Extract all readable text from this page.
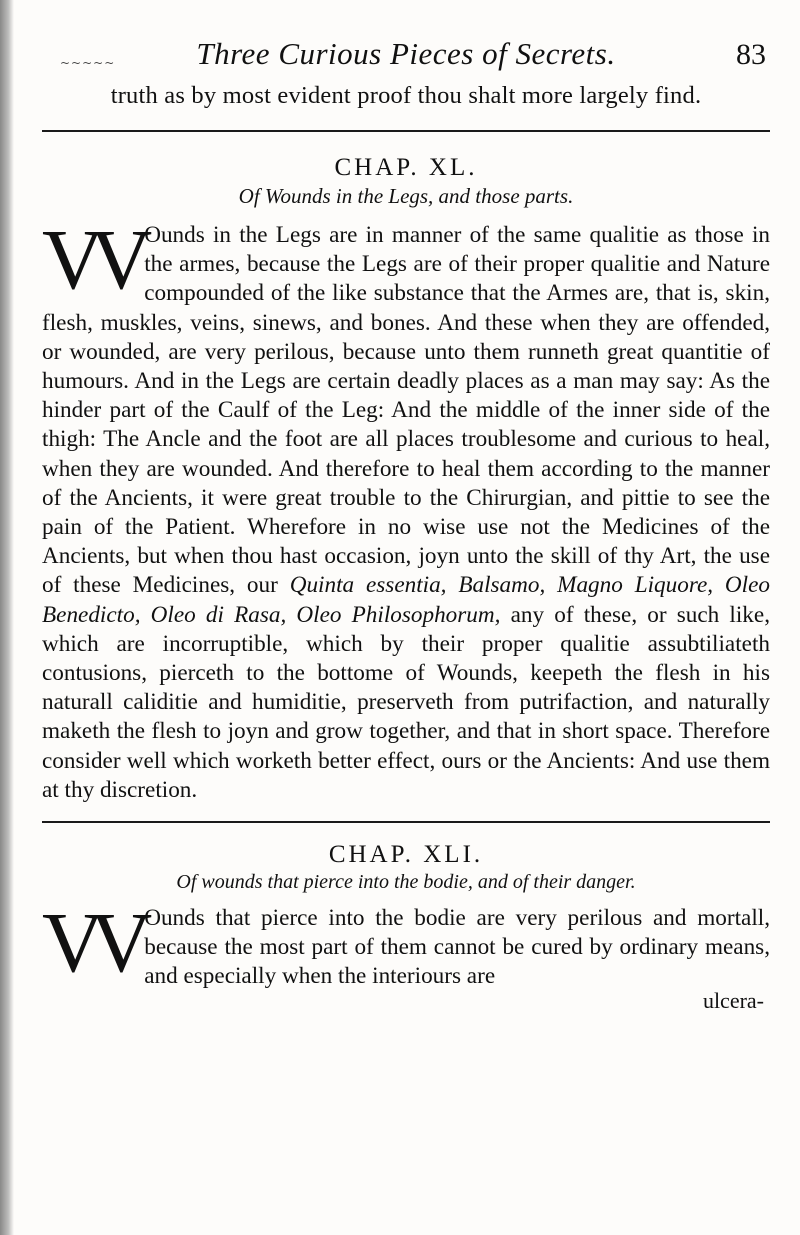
~~~~~	Three Curious Pieces of Secrets.	83

truth as by most evident proof thou shalt more largely find.

CHAP. XL.
Of Wounds in the Legs, and those parts.

VV Ounds in the Legs are in manner of the same qualitie as those in the armes, because the Legs are of their proper qualitie and Nature compounded of the like substance that the Armes are, that is, skin, flesh, muskles, veins, sinews, and bones. And these when they are offended, or wounded, are very perilous, because unto them runneth great quantitie of humours. And in the Legs are certain deadly places as a man may say: As the hinder part of the Caulf of the Leg: And the middle of the inner side of the thigh: The Ancle and the foot are all places troublesome and curious to heal, when they are wounded. And therefore to heal them according to the manner of the Ancients, it were great trouble to the Chirurgian, and pittie to see the pain of the Patient. Wherefore in no wise use not the Medicines of the Ancients, but when thou hast occasion, joyn unto the skill of thy Art, the use of these Medicines, our Quinta essentia, Balsamo, Magno Liquore, Oleo Benedicto, Oleo di Rasa, Oleo Philosophorum, any of these, or such like, which are incorruptible, which by their proper qualitie assubtiliateth contusions, pierceth to the bottome of Wounds, keepeth the flesh in his naturall caliditie and humiditie, preserveth from putrifaction, and naturally maketh the flesh to joyn and grow together, and that in short space. Therefore consider well which worketh better effect, ours or the Ancients: And use them at thy discretion.

CHAP. XLI.
Of wounds that pierce into the bodie, and of their danger.

VV Ounds that pierce into the bodie are very perilous and mortall, because the most part of them cannot be cured by ordinary means, and especially when the interiours are

ulcera-
